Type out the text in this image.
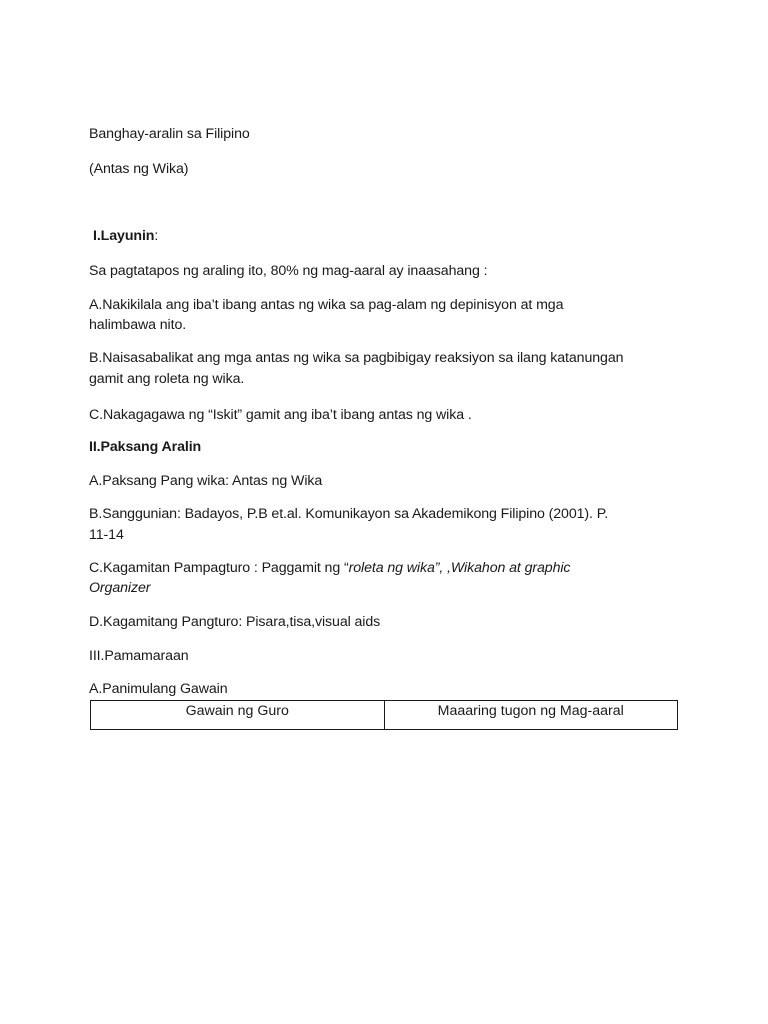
Banghay-aralin sa Filipino
(Antas ng Wika)
I.Layunin:
Sa pagtatapos ng araling ito, 80% ng mag-aaral ay inaasahang :
A.Nakikilala ang iba’t ibang antas ng wika sa pag-alam ng depinisyon at mga
halimbawa nito.
B.Naisasabalikat ang mga antas ng wika sa pagbibigay reaksiyon sa ilang katanungan
gamit ang roleta ng wika.
C.Nakagagawa ng “Iskit” gamit ang iba’t ibang antas ng wika .
II.Paksang Aralin
A.Paksang Pang wika: Antas ng Wika
B.Sanggunian: Badayos, P.B et.al. Komunikayon sa Akademikong Filipino (2001). P.
11-14
C.Kagamitan Pampagturo : Paggamit ng “roleta ng wika”, ,Wikahon at graphic
Organizer
D.Kagamitang Pangturo: Pisara,tisa,visual aids
III.Pamamaraan
A.Panimulang Gawain
Gawain ng Guro	Maaaring tugon ng Mag-aaral
